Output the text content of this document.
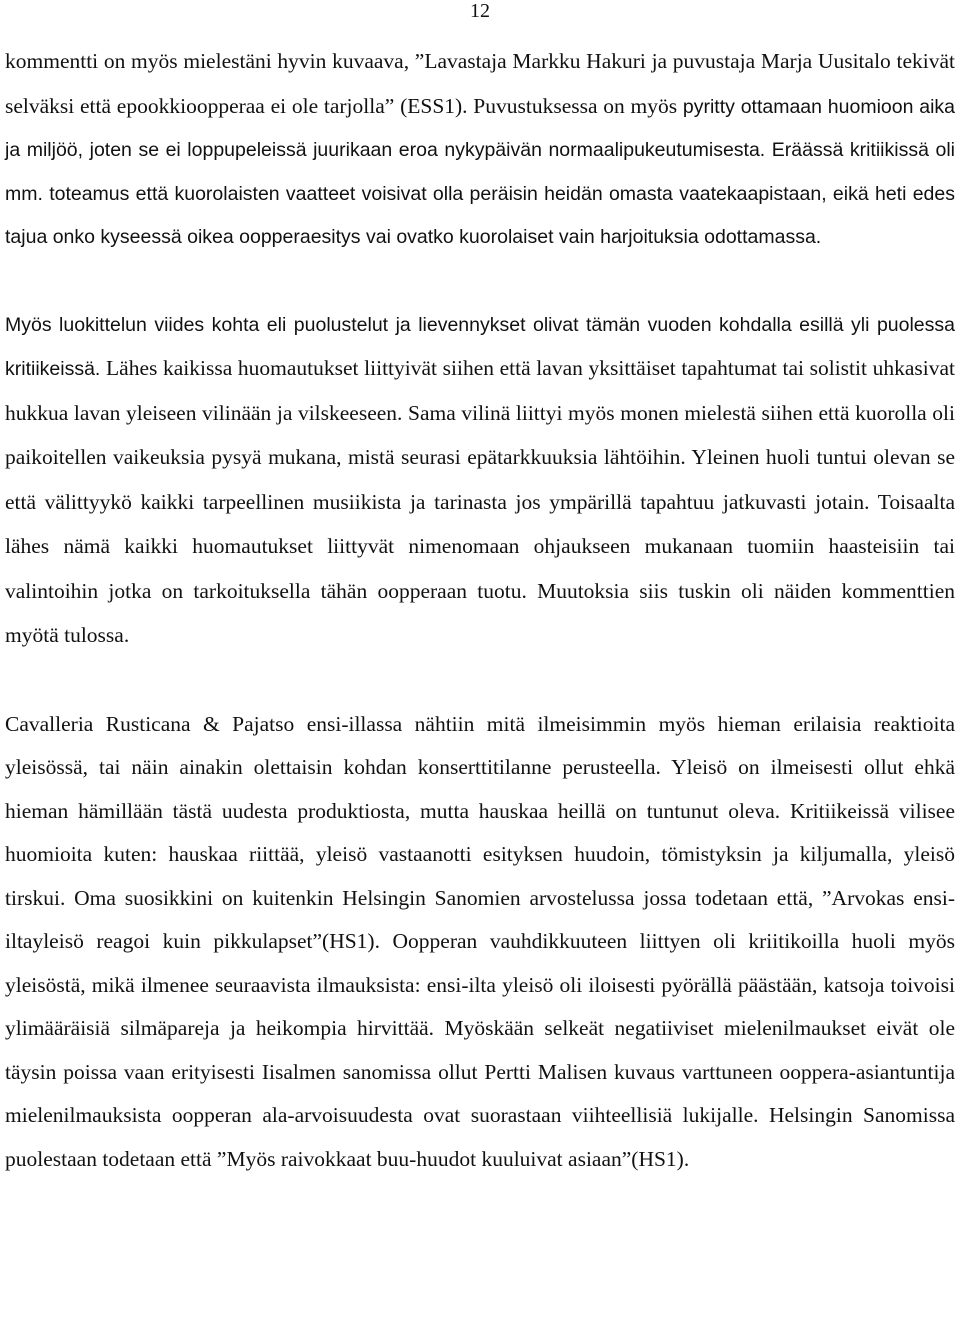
12

kommentti on myös mielestäni hyvin kuvaava, ”Lavastaja Markku Hakuri ja puvustaja Marja Uusitalo tekivät selväksi että epookkioopperaa ei ole tarjolla” (ESS1). Puvustuksessa on myös pyritty ottamaan huomioon aika ja miljöö, joten se ei loppupeleissä juurikaan eroa nykypäivän normaalipukeutumisesta. Eräässä kritiikissä oli mm. toteamus että kuorolaisten vaatteet voisivat olla peräisin heidän omasta vaatekaapistaan, eikä heti edes tajua onko kyseessä oikea oopperaesitys vai ovatko kuorolaiset vain harjoituksia odottamassa.

Myös luokittelun viides kohta eli puolustelut ja lievennykset olivat tämän vuoden kohdalla esillä yli puolessa kritiikeissä. Lähes kaikissa huomautukset liittyivät siihen että lavan yksittäiset tapahtumat tai solistit uhkasivat hukkua lavan yleiseen vilinään ja vilskeeseen. Sama vilinä liittyi myös monen mielestä siihen että kuorolla oli paikoitellen vaikeuksia pysyä mukana, mistä seurasi epätarkkuuksia lähtöihin. Yleinen huoli tuntui olevan se että välittyykö kaikki tarpeellinen musiikista ja tarinasta jos ympärillä tapahtuu jatkuvasti jotain. Toisaalta lähes nämä kaikki huomautukset liittyvät nimenomaan ohjaukseen mukanaan tuomiin haasteisiin tai valintoihin jotka on tarkoituksella tähän oopperaan tuotu. Muutoksia siis tuskin oli näiden kommenttien myötä tulossa.

Cavalleria Rusticana & Pajatso ensi-illassa nähtiin mitä ilmeisimmin myös hieman erilaisia reaktioita yleisössä, tai näin ainakin olettaisin kohdan konserttitilanne perusteella. Yleisö on ilmeisesti ollut ehkä hieman hämillään tästä uudesta produktiosta, mutta hauskaa heillä on tuntunut oleva. Kritiikeissä vilisee huomioita kuten: hauskaa riittää, yleisö vastaanotti esityksen huudoin, tömistyksin ja kiljumalla, yleisö tirskui. Oma suosikkini on kuitenkin Helsingin Sanomien arvostelussa jossa todetaan että, ”Arvokas ensi-iltayleisö reagoi kuin pikkulapset”(HS1). Oopperan vauhdikkuuteen liittyen oli kriitikoilla huoli myös yleisöstä, mikä ilmenee seuraavista ilmauksista: ensi-ilta yleisö oli iloisesti pyörällä päästään, katsoja toivoisi ylimääräisiä silmäpareja ja heikompia hirvittää. Myöskään selkeät negatiiviset mielenilmaukset eivät ole täysin poissa vaan erityisesti Iisalmen sanomissa ollut Pertti Malisen kuvaus varttuneen ooppera-asiantuntija mielenilmauksista oopperan ala-arvoisuudesta ovat suorastaan viihteellisiä lukijalle. Helsingin Sanomissa puolestaan todetaan että ”Myös raivokkaat buu-huudot kuuluivat asiaan”(HS1).
